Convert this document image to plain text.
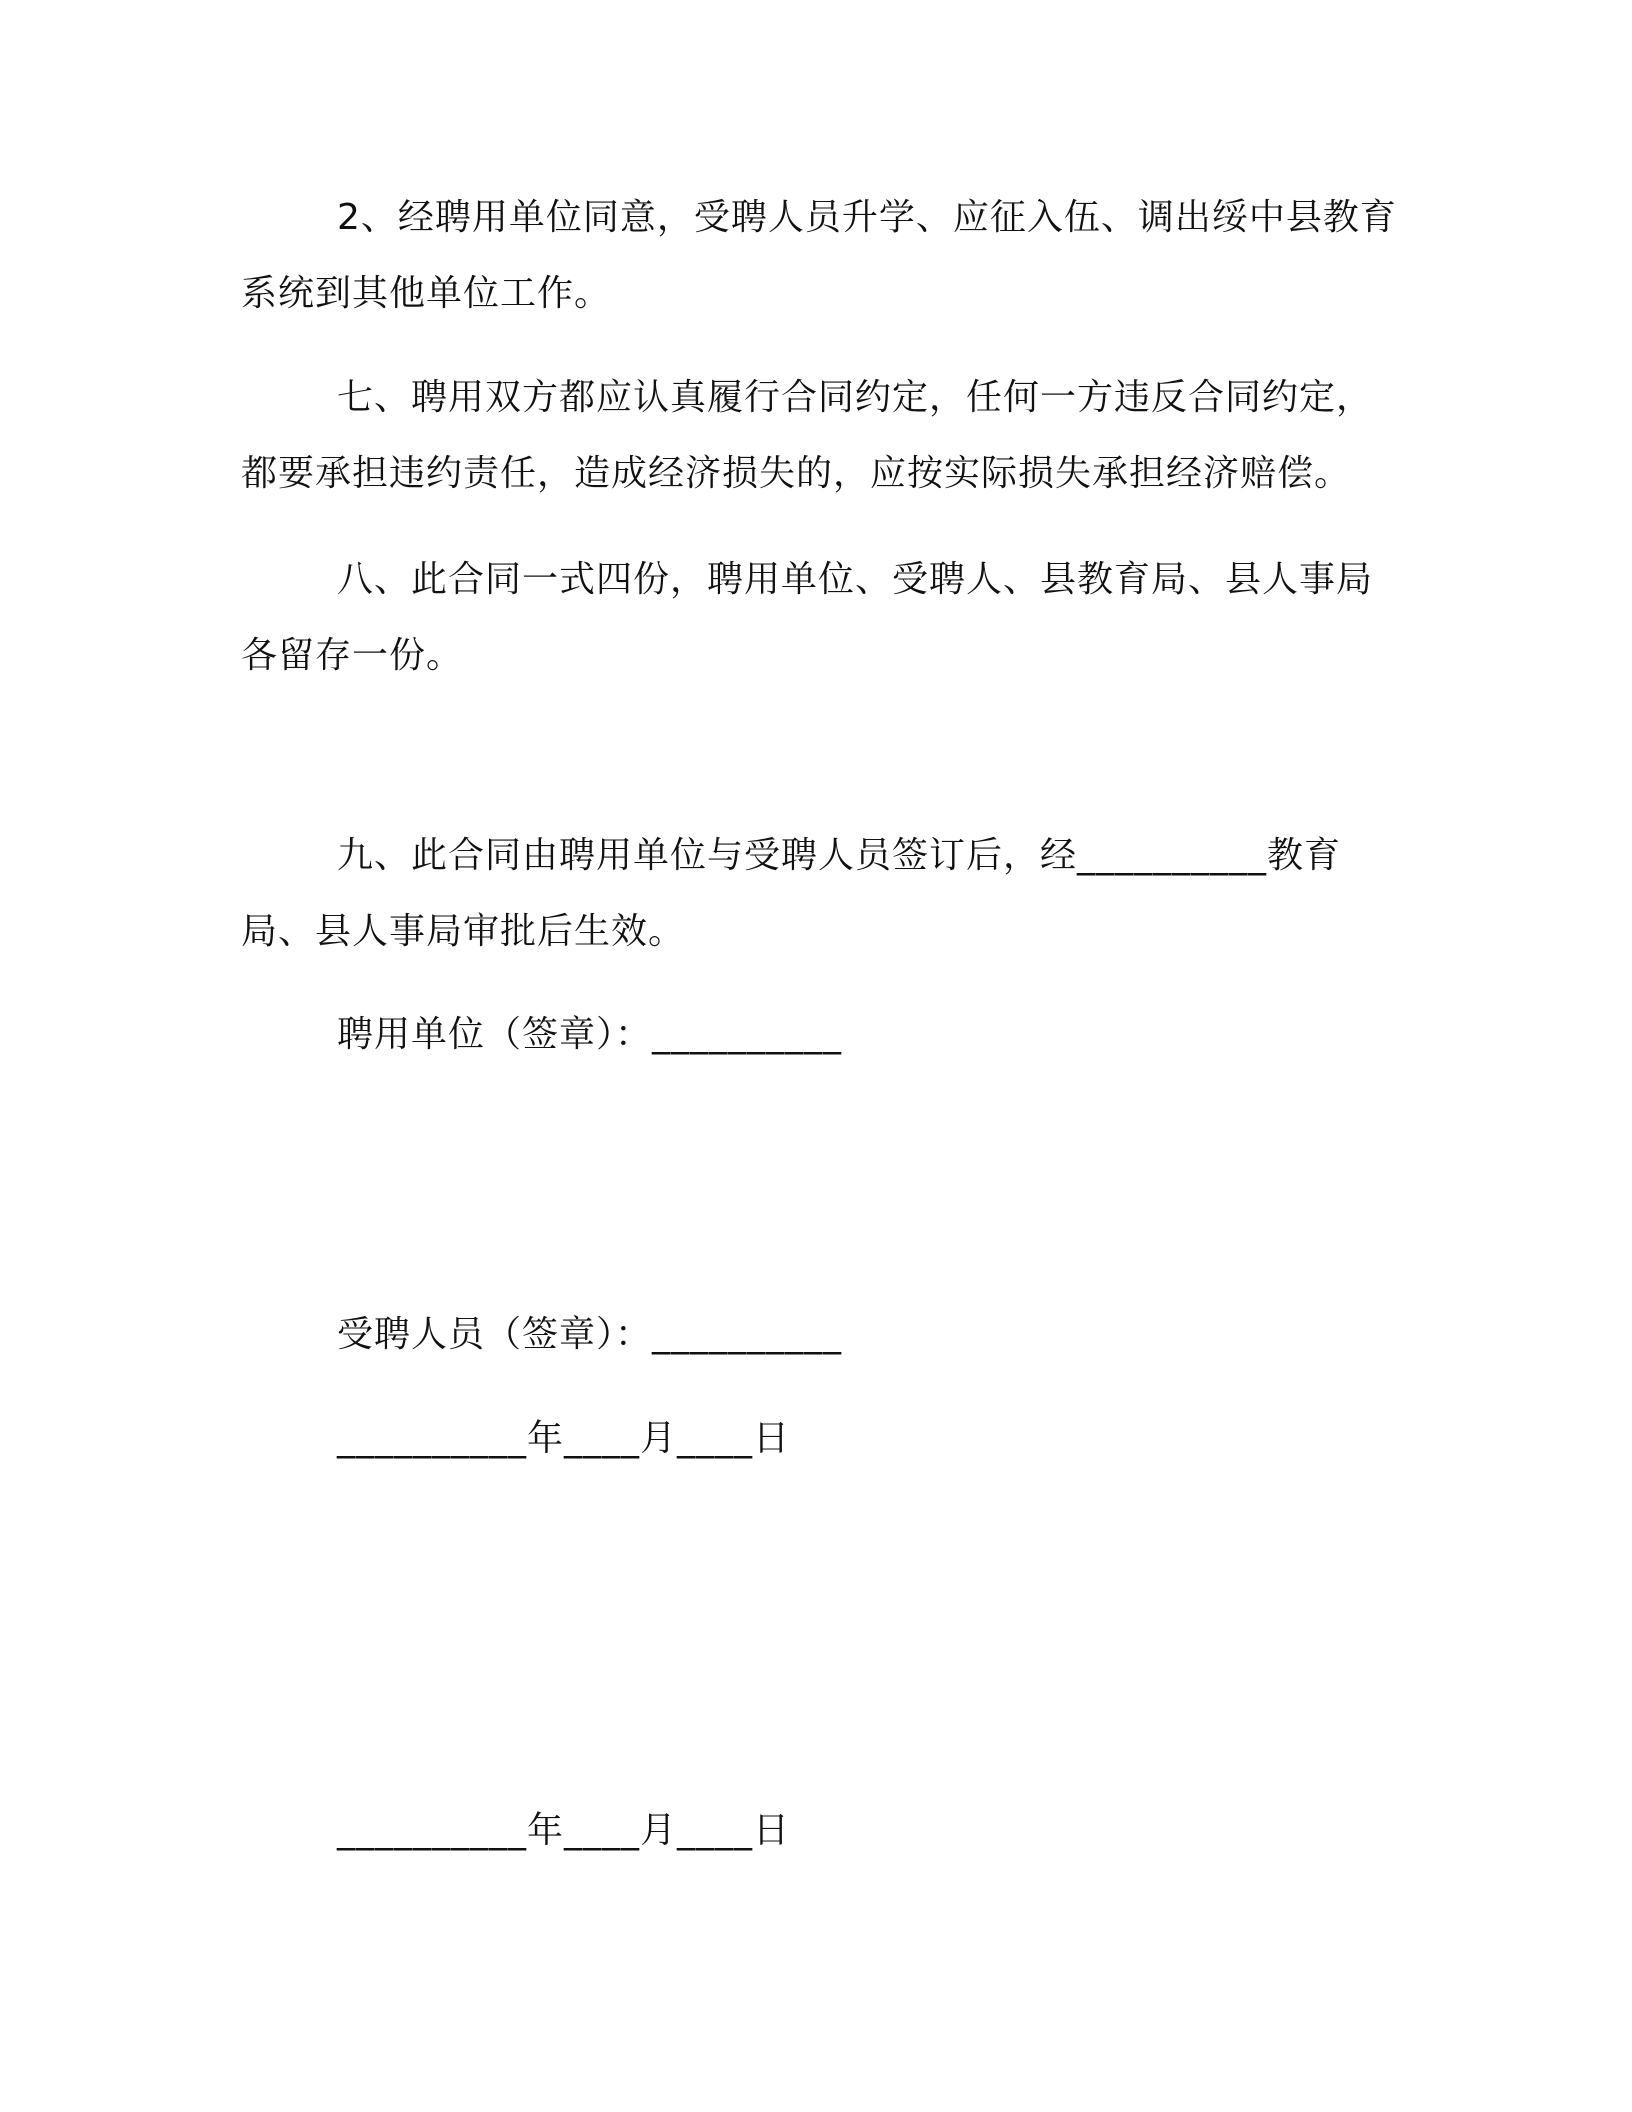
2、经聘用单位同意，受聘人员升学、应征入伍、调出绥中县教育系统到其他单位工作。

七、聘用双方都应认真履行合同约定，任何一方违反合同约定，都要承担违约责任，造成经济损失的，应按实际损失承担经济赔偿。

八、此合同一式四份，聘用单位、受聘人、县教育局、县人事局各留存一份。

九、此合同由聘用单位与受聘人员签订后，经__________教育局、县人事局审批后生效。

聘用单位（签章）：__________

受聘人员（签章）：__________

__________年____月____日

__________年____月____日
